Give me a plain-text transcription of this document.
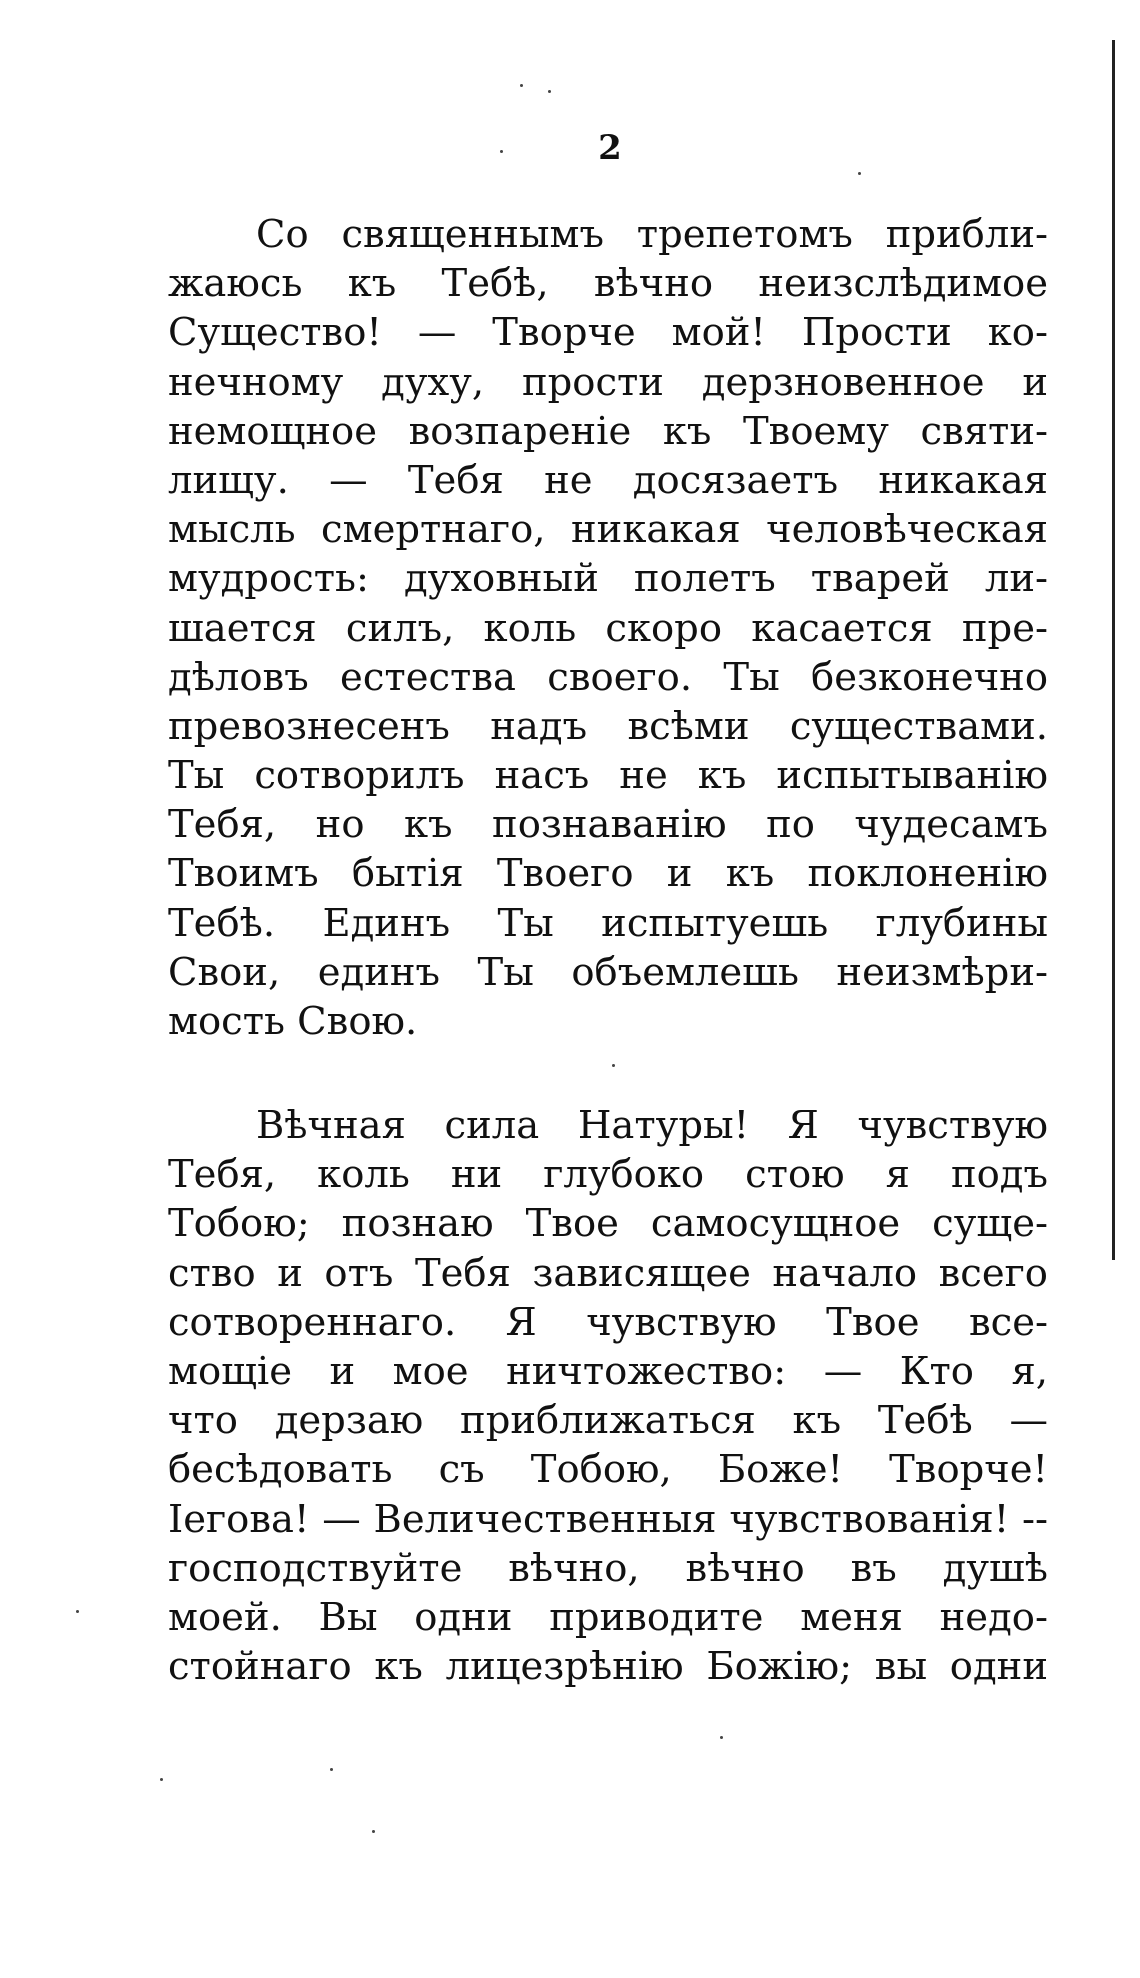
2
Со священнымъ трепетомъ прибли-
жаюсь къ Тебѣ, вѣчно неизслѣдимое
Существо! — Творче мой! Прости ко-
нечному духу, прости дерзновенное и
немощное возпаренiе къ Твоему святи-
лищу. — Тебя не досязаетъ никакая
мысль смертнаго, никакая человѣческая
мудрость: духовный полетъ тварей ли-
шается силъ, коль скоро касается пре-
дѣловъ естества своего. Ты безконечно
превознесенъ надъ всѣми существами.
Ты сотворилъ насъ не къ испытыванiю
Тебя, но къ познаванiю по чудесамъ
Твоимъ бытiя Твоего и къ поклоненiю
Тебѣ. Единъ Ты испытуешь глубины
Свои, единъ Ты объемлешь неизмѣри-
мость Свою.
Вѣчная сила Натуры! Я чувствую
Тебя, коль ни глубоко стою я подъ
Тобою; познаю Твое самосущное суще-
ство и отъ Тебя зависящее начало всего
сотвореннаго. Я чувствую Твое все-
мощiе и мое ничтожество: — Кто я,
что дерзаю приближаться къ Тебѣ —
бесѣдовать съ Тобою, Боже! Творче!
Iегова! — Величественныя чувствованiя! --
господствуйте вѣчно, вѣчно въ душѣ
моей. Вы одни приводите меня недо-
стойнаго къ лицезрѣнiю Божiю; вы одни
